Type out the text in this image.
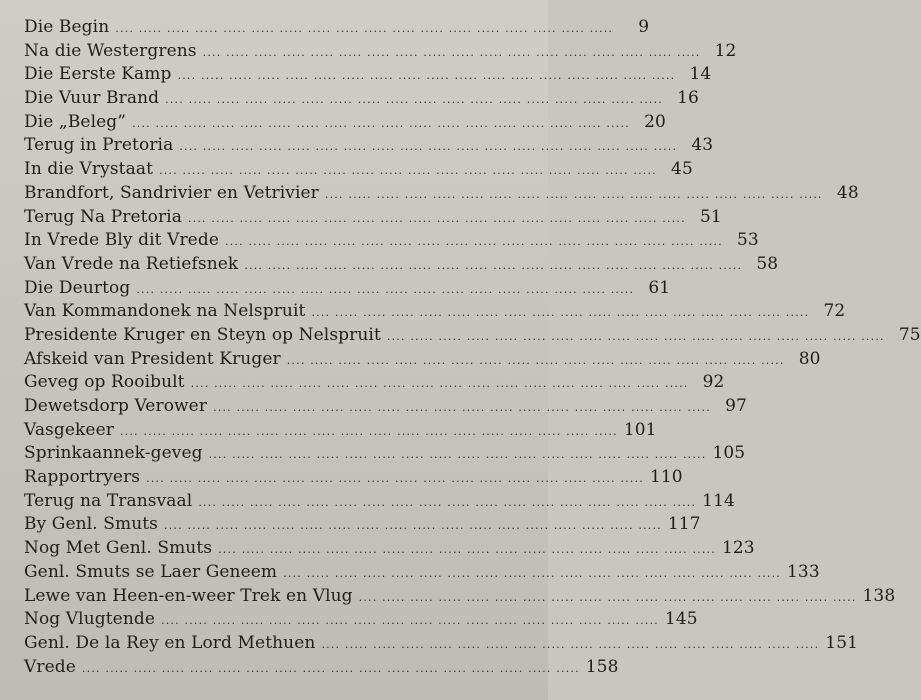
Die Begin .... ..... ..... ..... ..... ..... ..... ..... ..... ..... ..... ..... ..... ..... ..... ..... ..... .....	9
Na die Westergrens .... ..... ..... ..... ..... ..... ..... ..... ..... ..... ..... ..... ..... ..... ..... ..... ..... ..... 12
Die Eerste Kamp .... ..... ..... ..... ..... ..... ..... ..... ..... ..... ..... ..... ..... ..... ..... ..... ..... ..... 14
Die Vuur Brand .... ..... ..... ..... ..... ..... ..... ..... ..... ..... ..... ..... ..... ..... ..... ..... ..... ..... 16
Die „Beleg” .... ..... ..... ..... ..... ..... ..... ..... ..... ..... ..... ..... ..... ..... ..... ..... ..... ..... 20
Terug in Pretoria .... ..... ..... ..... ..... ..... ..... ..... ..... ..... ..... ..... ..... ..... ..... ..... ..... ..... 43
In die Vrystaat .... ..... ..... ..... ..... ..... ..... ..... ..... ..... ..... ..... ..... ..... ..... ..... ..... ..... 45
Brandfort, Sandrivier en Vetrivier .... ..... ..... ..... ..... ..... ..... ..... ..... ..... ..... ..... ..... ..... ..... ..... ..... ..... 48
Terug Na Pretoria .... ..... ..... ..... ..... ..... ..... ..... ..... ..... ..... ..... ..... ..... ..... ..... ..... ..... 51
In Vrede Bly dit Vrede .... ..... ..... ..... ..... ..... ..... ..... ..... ..... ..... ..... ..... ..... ..... ..... ..... ..... 53
Van Vrede na Retiefsnek .... ..... ..... ..... ..... ..... ..... ..... ..... ..... ..... ..... ..... ..... ..... ..... ..... ..... 58
Die Deurtog .... ..... ..... ..... ..... ..... ..... ..... ..... ..... ..... ..... ..... ..... ..... ..... ..... ..... 61
Van Kommandonek na Nelspruit .... ..... ..... ..... ..... ..... ..... ..... ..... ..... ..... ..... ..... ..... ..... ..... ..... ..... 72
Presidente Kruger en Steyn op Nelspruit .... ..... ..... ..... ..... ..... ..... ..... ..... ..... ..... ..... ..... ..... ..... ..... ..... ..... 75
Afskeid van President Kruger .... ..... ..... ..... ..... ..... ..... ..... ..... ..... ..... ..... ..... ..... ..... ..... ..... ..... 80
Geveg op Rooibult .... ..... ..... ..... ..... ..... ..... ..... ..... ..... ..... ..... ..... ..... ..... ..... ..... ..... 92
Dewetsdorp Verower .... ..... ..... ..... ..... ..... ..... ..... ..... ..... ..... ..... ..... ..... ..... ..... ..... ..... 97
Vasgekeer .... ..... ..... ..... ..... ..... ..... ..... ..... ..... ..... ..... ..... ..... ..... ..... ..... ..... 101
Sprinkaannek-geveg .... ..... ..... ..... ..... ..... ..... ..... ..... ..... ..... ..... ..... ..... ..... ..... ..... ..... 105
Rapportryers .... ..... ..... ..... ..... ..... ..... ..... ..... ..... ..... ..... ..... ..... ..... ..... ..... ..... 110
Terug na Transvaal .... ..... ..... ..... ..... ..... ..... ..... ..... ..... ..... ..... ..... ..... ..... ..... ..... ..... 114
By Genl. Smuts .... ..... ..... ..... ..... ..... ..... ..... ..... ..... ..... ..... ..... ..... ..... ..... ..... ..... 117
Nog Met Genl. Smuts .... ..... ..... ..... ..... ..... ..... ..... ..... ..... ..... ..... ..... ..... ..... ..... ..... ..... 123
Genl. Smuts se Laer Geneem .... ..... ..... ..... ..... ..... ..... ..... ..... ..... ..... ..... ..... ..... ..... ..... ..... ..... 133
Lewe van Heen-en-weer Trek en Vlug .... ..... ..... ..... ..... ..... ..... ..... ..... ..... ..... ..... ..... ..... ..... ..... ..... ..... 138
Nog Vlugtende .... ..... ..... ..... ..... ..... ..... ..... ..... ..... ..... ..... ..... ..... ..... ..... ..... ..... 145
Genl. De la Rey en Lord Methuen .... ..... ..... ..... ..... ..... ..... ..... ..... ..... ..... ..... ..... ..... ..... ..... ..... ..... 151
Vrede .... ..... ..... ..... ..... ..... ..... ..... ..... ..... ..... ..... ..... ..... ..... ..... ..... ..... 158
